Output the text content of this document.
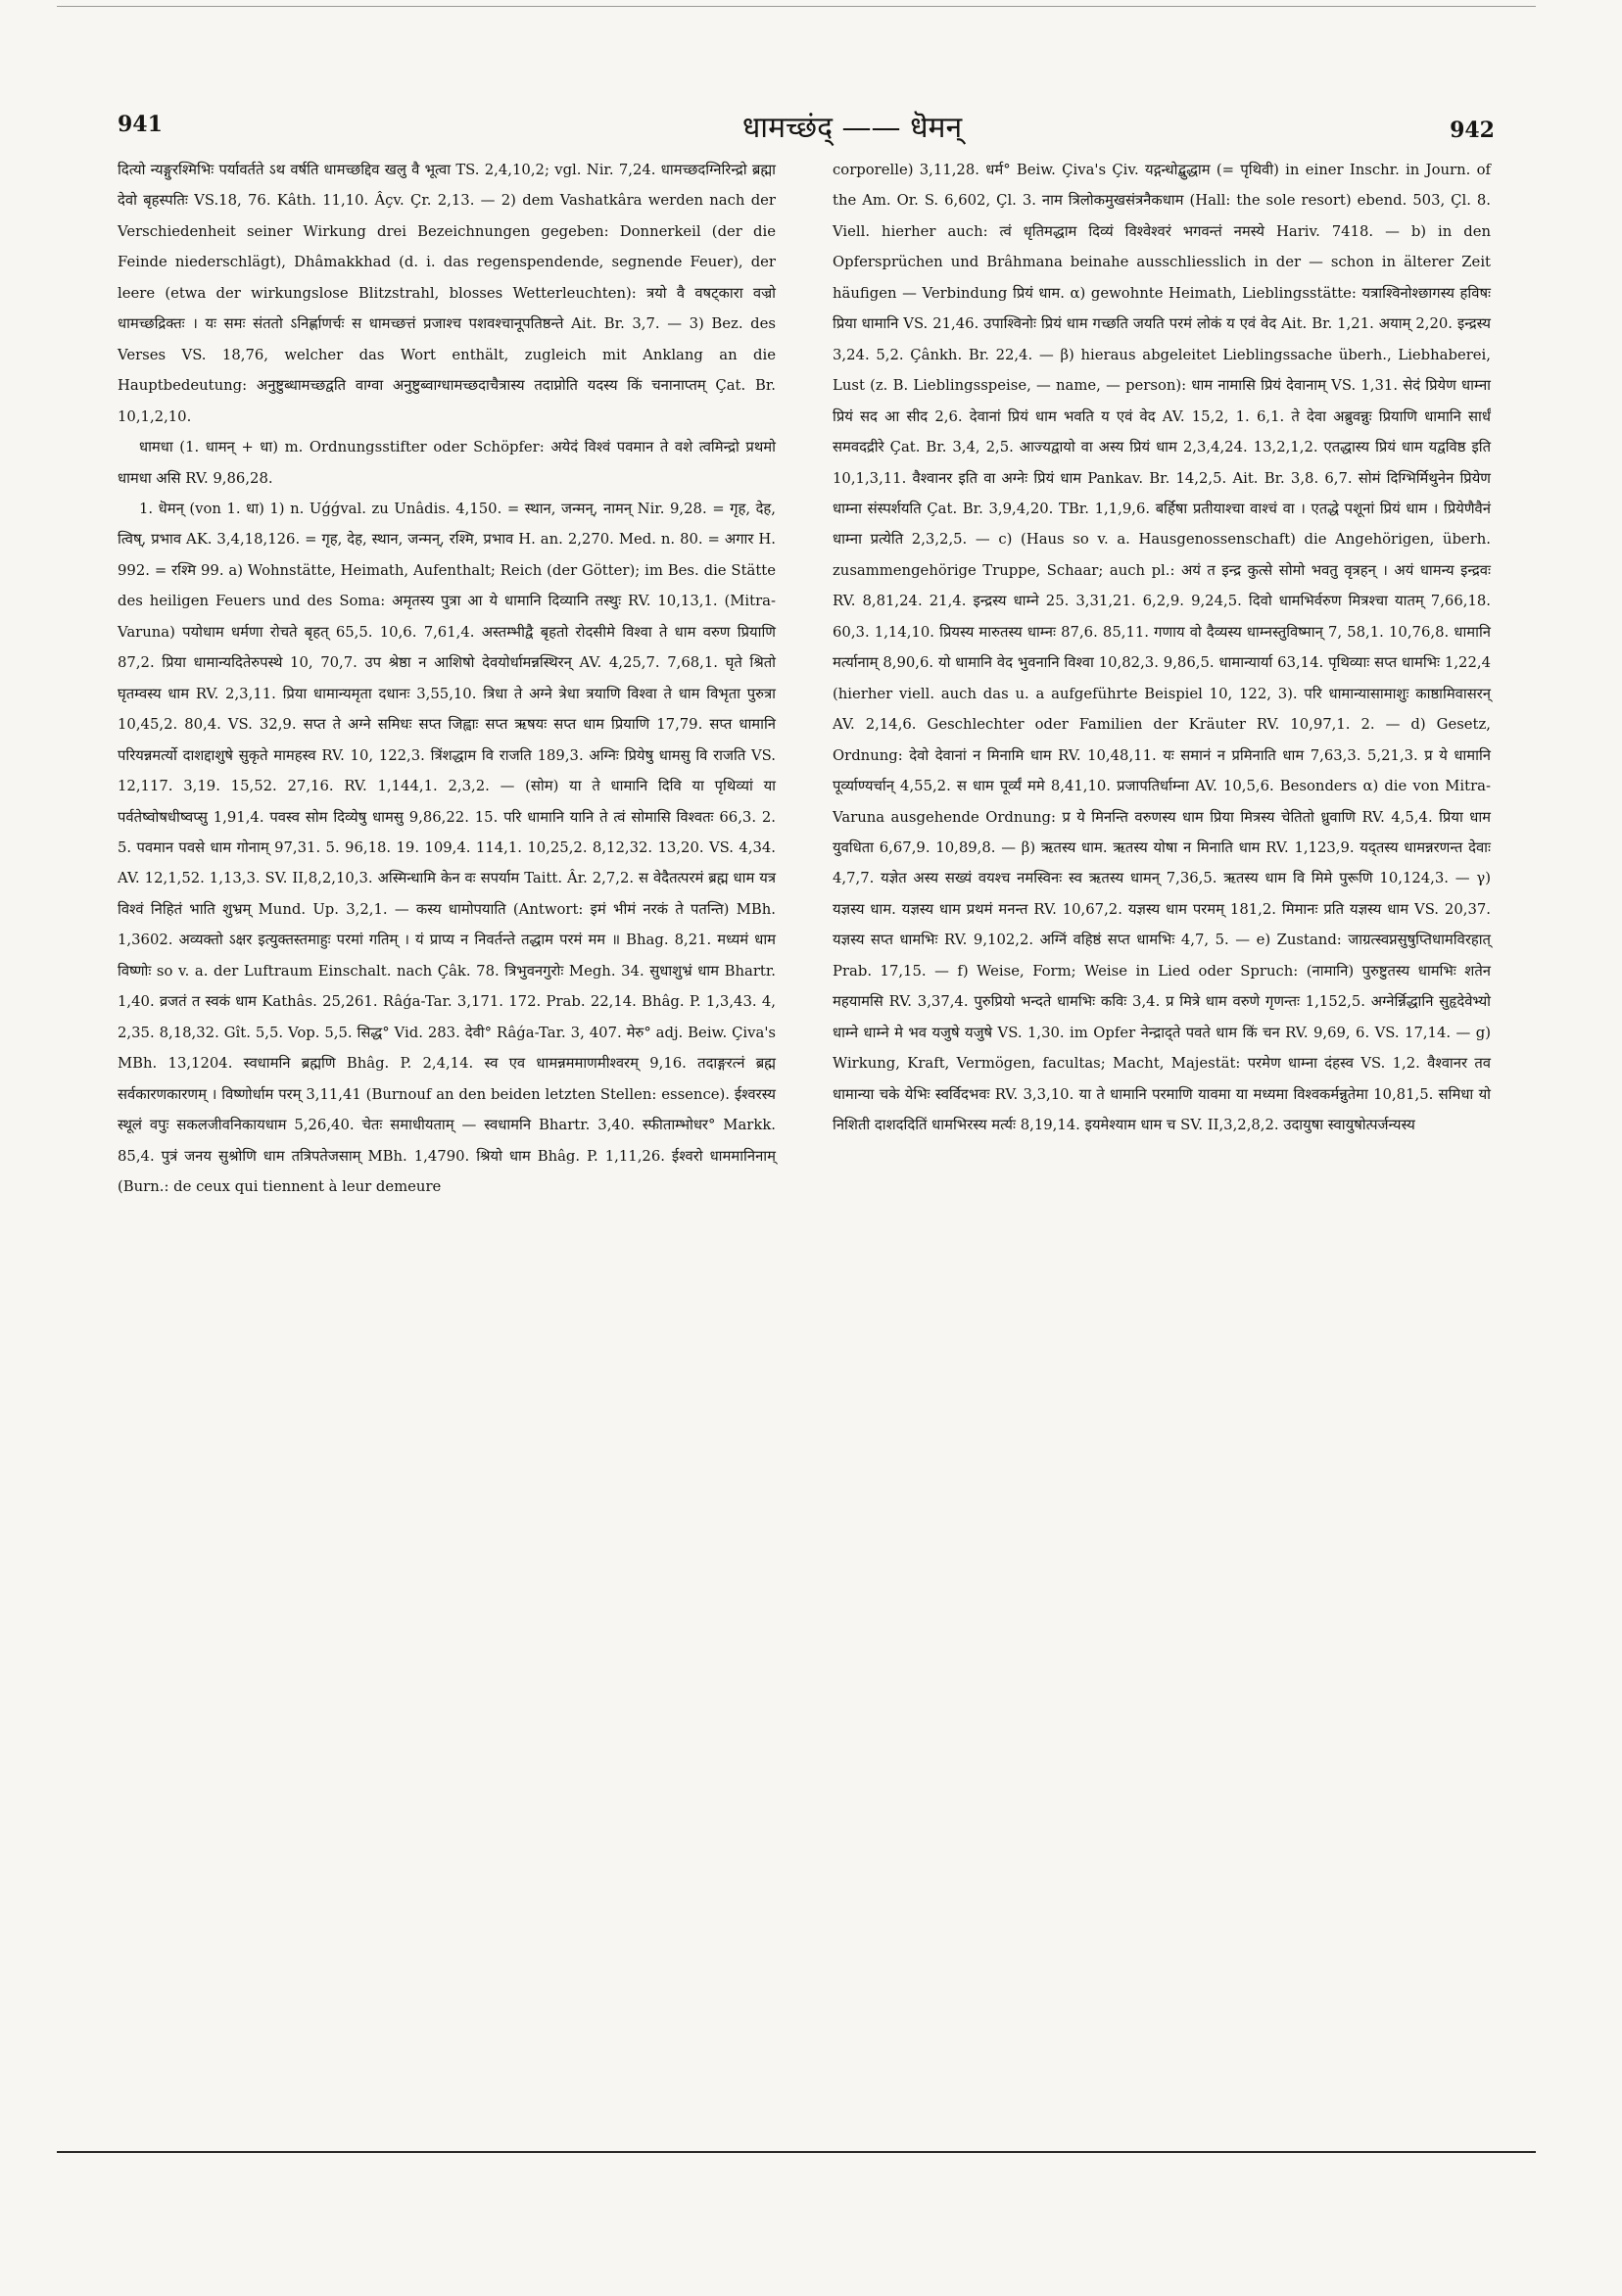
941	धामच्छंद् —— धॆमन्	942

दित्यो न्यङ्गुरश्मिभिः पर्यावर्तते ऽथ वर्षति धामच्छद्दिव खलु वै भूत्वा TS. 2,4,10,2; vgl. Nir. 7,24. धामच्छदग्निरिन्द्रो ब्रह्मा देवो बृहस्पतिः VS.18, 76. Kâth. 11,10. Âçv. Çr. 2,13. — 2) dem Vashatkâra werden nach der Verschiedenheit seiner Wirkung drei Bezeichnungen gegeben: Donnerkeil (der die Feinde niederschlägt), Dhâmakkhad (d. i. das regenspendende, segnende Feuer), der leere (etwa der wirkungslose Blitzstrahl, blosses Wetterleuchten): त्रयो वै वषट्कारा वज्रो धामच्छद्रिक्तः । यः समः संततो ऽनिर्ह्णाणर्चः स धामच्छत्तं प्रजाश्च पशवश्चानूपतिष्ठन्ते Ait. Br. 3,7. — 3) Bez. des Verses VS. 18,76, welcher das Wort enthält, zugleich mit Anklang an die Hauptbedeutung: अनुष्टुब्धामच्छद्वति वाग्वा अनुष्टुब्वाग्धामच्छदाचैत्रास्य तदाप्नोति यदस्य किं चनानाप्तम् Çat. Br. 10,1,2,10.

धामधा (1. धामन् + धा) m. Ordnungsstifter oder Schöpfer: अयेदं विश्वं पवमान ते वशे त्वमिन्द्रो प्रथमो धामधा असि RV. 9,86,28.

1. धॆमन् (von 1. धा) 1) n. Uǵǵval. zu Unâdis. 4,150. = स्थान, जन्मन्, नामन् Nir. 9,28. = गृह, देह, त्विष्, प्रभाव AK. 3,4,18,126. = गृह, देह, स्थान, जन्मन्, रश्मि, प्रभाव H. an. 2,270. Med. n. 80. = अगार H. 992. = रश्मि 99. a) Wohnstätte, Heimath, Aufenthalt; Reich (der Götter); im Bes. die Stätte des heiligen Feuers und des Soma: अमृतस्य पुत्रा आ ये धामानि दिव्यानि तस्थुः RV. 10,13,1. (Mitra-Varuna) पयोधाम धर्मणा रोचते बृहत् 65,5. 10,6. 7,61,4. अस्तम्भीद्वै बृहतो रोदसीमे विश्वा ते धाम वरुण प्रियाणि 87,2. प्रिया धामान्यदितेरुपस्थे 10, 70,7. उप श्रेष्ठा न आशिषो देवयोर्धामन्नस्थिरन् AV. 4,25,7. 7,68,1. घृते श्रितो घृतम्वस्य धाम RV. 2,3,11. प्रिया धामान्यमृता दधानः 3,55,10. त्रिधा ते अग्ने त्रेधा त्रयाणि विश्वा ते धाम विभृता पुरुत्रा 10,45,2. 80,4. VS. 32,9. सप्त ते अग्ने समिधः सप्त जिह्वाः सप्त ऋषयः सप्त धाम प्रियाणि 17,79. सप्त धामानि परियन्नमर्त्यो दाशद्दाशुषे सुकृते मामहस्व RV. 10, 122,3. त्रिंशद्धाम वि राजति 189,3. अग्निः प्रियेषु धामसु वि राजति VS. 12,117. 3,19. 15,52. 27,16. RV. 1,144,1. 2,3,2. — (सोम) या ते धामानि दिवि या पृथिव्यां या पर्वतेष्वोषधीष्वप्सु 1,91,4. पवस्व सोम दिव्येषु धामसु 9,86,22. 15. परि धामानि यानि ते त्वं सोमासि विश्वतः 66,3. 2. 5. पवमान पवसे धाम गोनाम् 97,31. 5. 96,18. 19. 109,4. 114,1. 10,25,2. 8,12,32. 13,20. VS. 4,34. AV. 12,1,52. 1,13,3. SV. II,8,2,10,3. अस्मिन्धामि केन वः सपर्याम Taitt. Âr. 2,7,2. स वेदैतत्परमं ब्रह्म धाम यत्र विश्वं निहितं भाति शुभ्रम् Mund. Up. 3,2,1. — कस्य धामोपयाति (Antwort: इमं भीमं नरकं ते पतन्ति) MBh. 1,3602. अव्यक्तो ऽक्षर इत्युक्तस्तमाहुः परमां गतिम् । यं प्राप्य न निवर्तन्ते तद्धाम परमं मम ॥ Bhag. 8,21. मध्यमं धाम विष्णोः so v. a. der Luftraum Einschalt. nach Çâk. 78. त्रिभुवनगुरोः Megh. 34. सुधाशुभ्रं धाम Bhartr. 1,40. व्रजतं त स्वकं धाम Kathâs. 25,261. Râǵa-Tar. 3,171. 172. Prab. 22,14. Bhâg. P. 1,3,43. 4, 2,35. 8,18,32. Gît. 5,5. Vop. 5,5. सिद्ध° Vid. 283. देवी° Râǵa-Tar. 3, 407. मेरु° adj. Beiw. Çiva's MBh. 13,1204. स्वधामनि ब्रह्मणि Bhâg. P. 2,4,14. स्व एव धामन्नममाणमीश्वरम् 9,16. तदाङ्गरत्नं ब्रह्म सर्वकारणकारणम् । विष्णोर्धाम परम् 3,11,41 (Burnouf an den beiden letzten Stellen: essence). ईश्वरस्य स्थूलं वपुः सकलजीवनिकायधाम 5,26,40. चेतः समाधीयताम् — स्वधामनि Bhartr. 3,40. स्फीताम्भोधर° Markk. 85,4. पुत्रं जनय सुश्रोणि धाम तत्रिपतेजसाम् MBh. 1,4790. श्रियो धाम Bhâg. P. 1,11,26. ईश्वरो धाममानिनाम् (Burn.: de ceux qui tiennent à leur demeure

corporelle) 3,11,28. धर्म° Beiw. Çiva's Çiv. यद्गन्धोद्बुद्धाम (= पृथिवी) in einer Inschr. in Journ. of the Am. Or. S. 6,602, Çl. 3. नाम त्रिलोकमुखसंत्रनैकधाम (Hall: the sole resort) ebend. 503, Çl. 8. Viell. hierher auch: त्वं धृतिमद्धाम दिव्यं विश्वेश्वरं भगवन्तं नमस्ये Hariv. 7418. — b) in den Opfersprüchen und Brâhmana beinahe ausschliesslich in der — schon in älterer Zeit häufigen — Verbindung प्रियं धाम. α) gewohnte Heimath, Lieblingsstätte: यत्राश्विनोश्छागस्य हविषः प्रिया धामानि VS. 21,46. उपाश्विनोः प्रियं धाम गच्छति जयति परमं लोकं य एवं वेद Ait. Br. 1,21. अयाम् 2,20. इन्द्रस्य 3,24. 5,2. Çânkh. Br. 22,4. — β) hieraus abgeleitet Lieblingssache überh., Liebhaberei, Lust (z. B. Lieblingsspeise, — name, — person): धाम नामासि प्रियं देवानाम् VS. 1,31. सेदं प्रियेण धाम्ना प्रियं सद आ सीद 2,6. देवानां प्रियं धाम भवति य एवं वेद AV. 15,2, 1. 6,1. ते देवा अब्रुवन्नुः प्रियाणि धामानि सार्धं समवदद्रीरे Çat. Br. 3,4, 2,5. आज्यद्वायो वा अस्य प्रियं धाम 2,3,4,24. 13,2,1,2. एतद्धास्य प्रियं धाम यद्वविष्ठ इति 10,1,3,11. वैश्वानर इति वा अग्नेः प्रियं धाम Pankav. Br. 14,2,5. Ait. Br. 3,8. 6,7. सोमं दिग्भिर्मिथुनेन प्रियेण धाम्ना संस्पर्शयति Çat. Br. 3,9,4,20. TBr. 1,1,9,6. बर्हिषा प्रतीयाश्चा वाश्चं वा । एतद्धे पशूनां प्रियं धाम । प्रियेणैवैनं धाम्ना प्रत्येति 2,3,2,5. — c) (Haus so v. a. Hausgenossenschaft) die Angehörigen, überh. zusammengehörige Truppe, Schaar; auch pl.: अयं त इन्द्र कुत्से सोमो भवतु वृत्रहन् । अयं धामन्य इन्द्रवः RV. 8,81,24. 21,4. इन्द्रस्य धाम्ने 25. 3,31,21. 6,2,9. 9,24,5. दिवो धामभिर्वरुण मित्रश्चा यातम् 7,66,18. 60,3. 1,14,10. प्रियस्य मारुतस्य धाम्नः 87,6. 85,11. गणाय वो दैव्यस्य धाम्नस्तुविष्मान् 7, 58,1. 10,76,8. धामानि मर्त्यानाम् 8,90,6. यो धामानि वेद भुवनानि विश्वा 10,82,3. 9,86,5. धामान्यार्या 63,14. पृथिव्याः सप्त धामभिः 1,22,4 (hierher viell. auch das u. a aufgeführte Beispiel 10, 122, 3). परि धामान्यासामाशुः काष्ठामिवासरन् AV. 2,14,6. Geschlechter oder Familien der Kräuter RV. 10,97,1. 2. — d) Gesetz, Ordnung: देवो देवानां न मिनामि धाम RV. 10,48,11. यः समानं न प्रमिनाति धाम 7,63,3. 5,21,3. प्र ये धामानि पूर्व्याण्यर्चान् 4,55,2. स धाम पूर्व्यं ममे 8,41,10. प्रजापतिर्धाम्ना AV. 10,5,6. Besonders α) die von Mitra-Varuna ausgehende Ordnung: प्र ये मिनन्ति वरुणस्य धाम प्रिया मित्रस्य चेतितो ध्रुवाणि RV. 4,5,4. प्रिया धाम युवधिता 6,67,9. 10,89,8. — β) ऋतस्य धाम. ऋतस्य योषा न मिनाति धाम RV. 1,123,9. यद्तस्य धामन्नरणन्त देवाः 4,7,7. यज्ञेत अस्य सख्यं वयश्च नमस्विनः स्व ऋतस्य धामन् 7,36,5. ऋतस्य धाम वि मिमे पुरूणि 10,124,3. — γ) यज्ञस्य धाम. यज्ञस्य धाम प्रथमं मनन्त RV. 10,67,2. यज्ञस्य धाम परमम् 181,2. मिमानः प्रति यज्ञस्य धाम VS. 20,37. यज्ञस्य सप्त धामभिः RV. 9,102,2. अग्निं वहिष्ठं सप्त धामभिः 4,7, 5. — e) Zustand: जाग्रत्स्वप्नसुषुप्तिधामविरहात् Prab. 17,15. — f) Weise, Form; Weise in Lied oder Spruch: (नामानि) पुरुष्टुतस्य धामभिः शतेन महयामसि RV. 3,37,4. पुरुप्रियो भन्दते धामभिः कविः 3,4. प्र मित्रे धाम वरुणे गृणन्तः 1,152,5. अग्नेर्न्निद्धानि सुहृदेवेभ्यो धाम्ने धाम्ने मे भव यजुषे यजुषे VS. 1,30. im Opfer नेन्द्राद्ते पवते धाम किं चन RV. 9,69, 6. VS. 17,14. — g) Wirkung, Kraft, Vermögen, facultas; Macht, Majestät: परमेण धाम्ना दंहस्व VS. 1,2. वैश्वानर तव धामान्या चके येभिः स्वर्विदभवः RV. 3,3,10. या ते धामानि परमाणि यावमा या मध्यमा विश्वकर्मन्नुतेमा 10,81,5. समिधा यो निशिती दाशददितिं धामभिरस्य मर्त्यः 8,19,14. इयमेश्याम धाम च SV. II,3,2,8,2. उदायुषा स्वायुषोत्पर्जन्यस्य
